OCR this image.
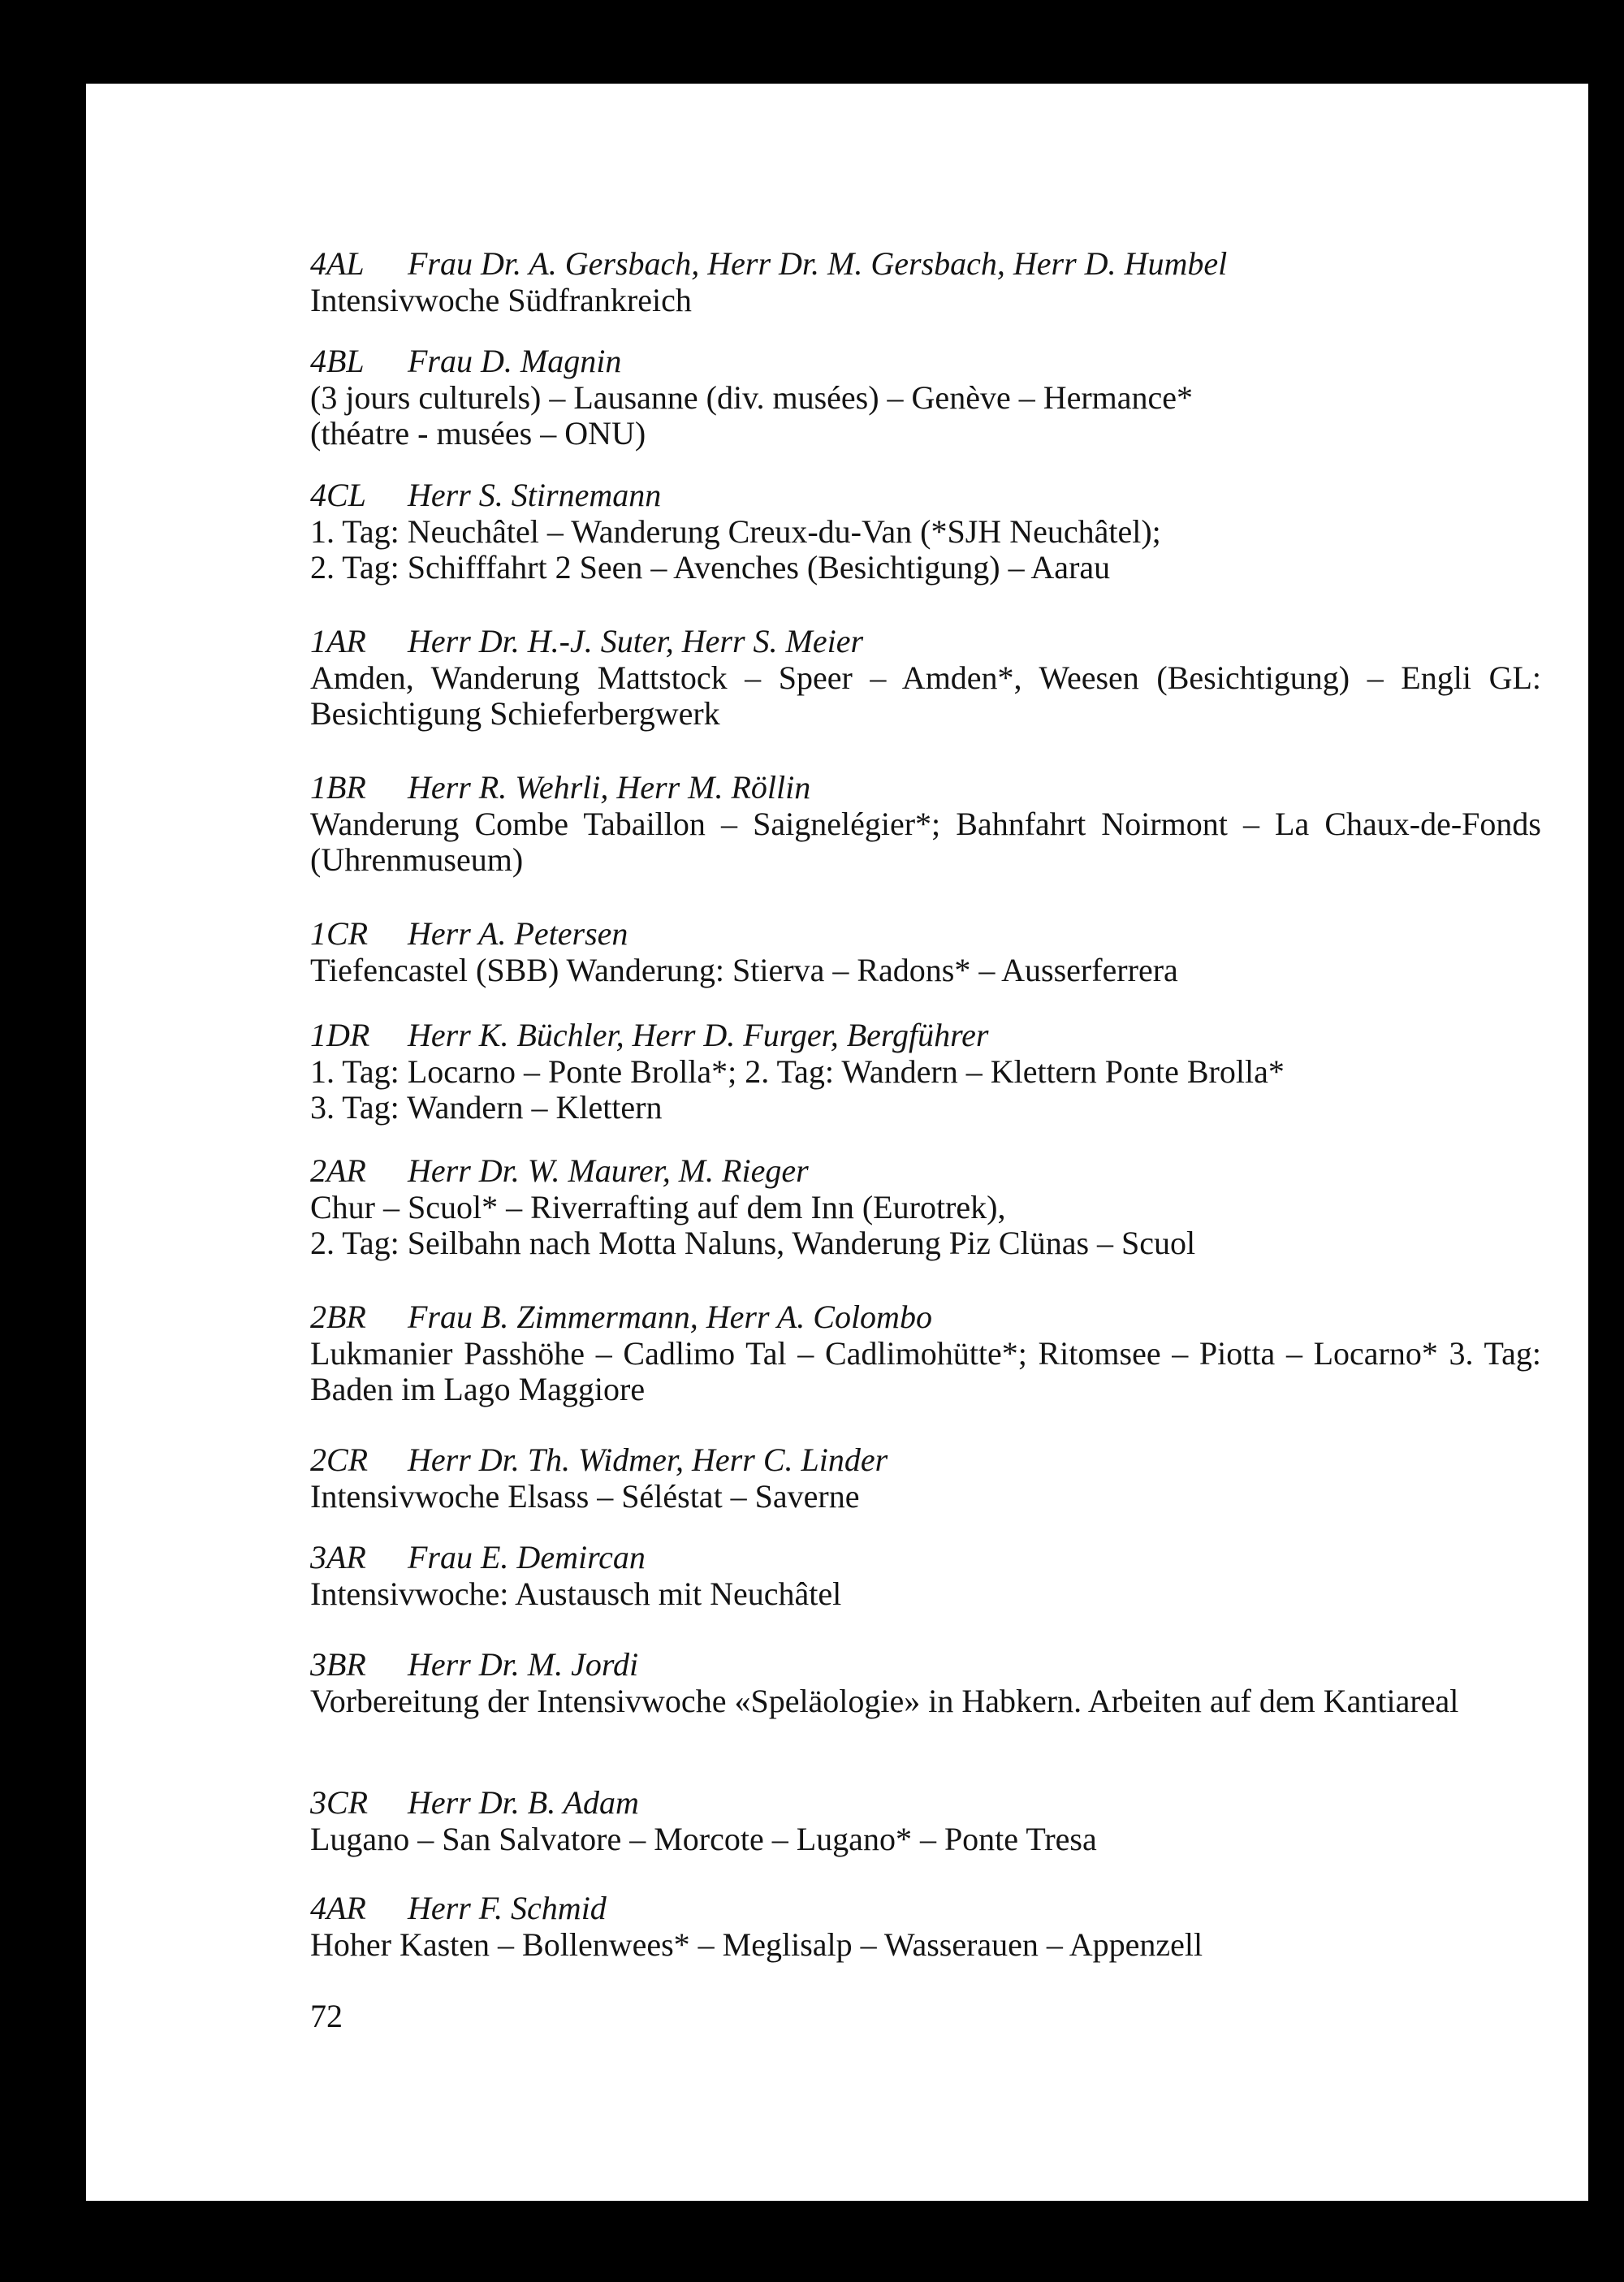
4AL Frau Dr. A. Gersbach, Herr Dr. M. Gersbach, Herr D. Humbel
Intensivwoche Südfrankreich
4BL Frau D. Magnin
(3 jours culturels) – Lausanne (div. musées) – Genève – Hermance*
(théatre - musées – ONU)
4CL Herr S. Stirnemann
1. Tag: Neuchâtel – Wanderung Creux-du-Van (*SJH Neuchâtel);
2. Tag: Schifffahrt 2 Seen – Avenches (Besichtigung) – Aarau
1AR Herr Dr. H.-J. Suter, Herr S. Meier
Amden, Wanderung Mattstock – Speer – Amden*, Weesen (Besichtigung) – Engli GL: Besichtigung Schieferbergwerk
1BR Herr R. Wehrli, Herr M. Röllin
Wanderung Combe Tabaillon – Saignelégier*; Bahnfahrt Noirmont – La Chaux-de-Fonds (Uhrenmuseum)
1CR Herr A. Petersen
Tiefencastel (SBB) Wanderung: Stierva – Radons* – Ausserferrera
1DR Herr K. Büchler, Herr D. Furger, Bergführer
1. Tag: Locarno – Ponte Brolla*; 2. Tag: Wandern – Klettern Ponte Brolla*
3. Tag: Wandern – Klettern
2AR Herr Dr. W. Maurer, M. Rieger
Chur – Scuol* – Riverrafting auf dem Inn (Eurotrek),
2. Tag: Seilbahn nach Motta Naluns, Wanderung Piz Clünas – Scuol
2BR Frau B. Zimmermann, Herr A. Colombo
Lukmanier Passhöhe – Cadlimo Tal – Cadlimohütte*; Ritomsee – Piotta – Locarno* 3. Tag: Baden im Lago Maggiore
2CR Herr Dr. Th. Widmer, Herr C. Linder
Intensivwoche Elsass – Séléstat – Saverne
3AR Frau E. Demircan
Intensivwoche: Austausch mit Neuchâtel
3BR Herr Dr. M. Jordi
Vorbereitung der Intensivwoche «Speläologie» in Habkern. Arbeiten auf dem Kantiareal
3CR Herr Dr. B. Adam
Lugano – San Salvatore – Morcote – Lugano* – Ponte Tresa
4AR Herr F. Schmid
Hoher Kasten – Bollenwees* – Meglisalp – Wasserauen – Appenzell
72
